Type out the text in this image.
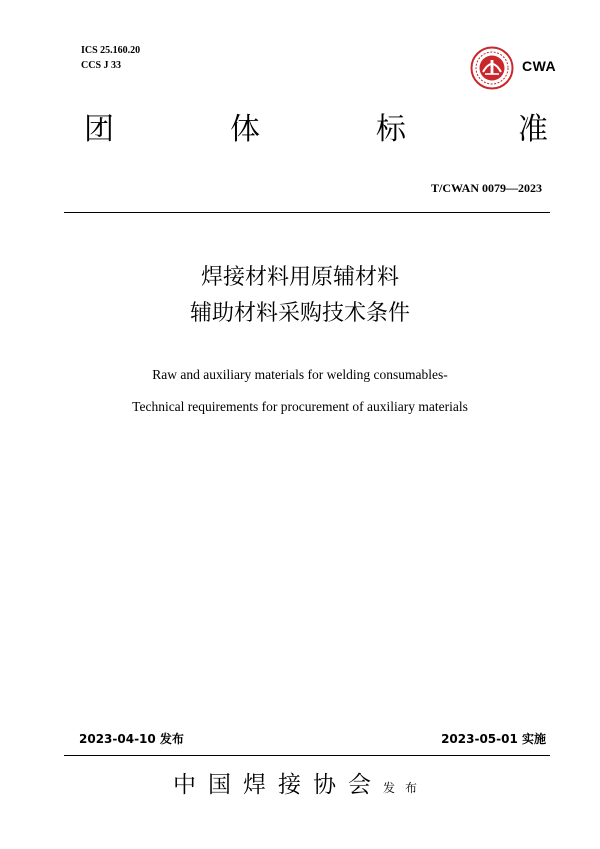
ICS 25.160.20
CCS J 33	CWA
团	体	标	准
T/CWAN 0079—2023
焊接材料用原辅材料
辅助材料采购技术条件
Raw and auxiliary materials for welding consumables-
Technical requirements for procurement of auxiliary materials
2023-04-10 发布	2023-05-01 实施
中国焊接协会发布
